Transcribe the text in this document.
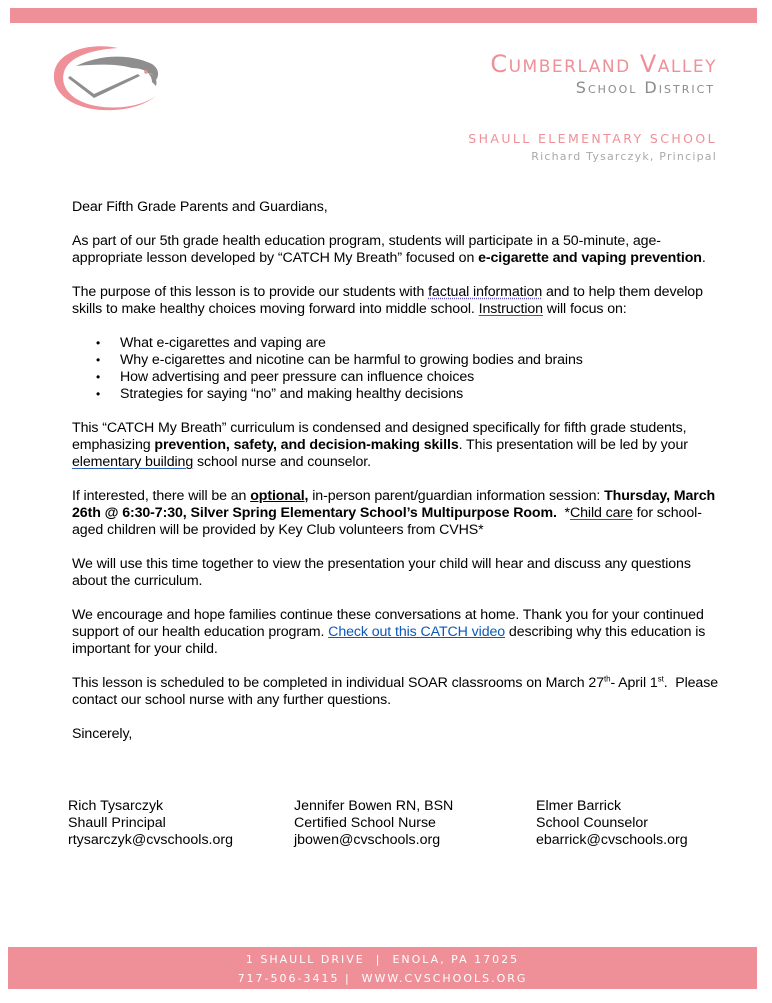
Cumberland Valley
School District
SHAULL ELEMENTARY SCHOOL
Richard Tysarczyk, Principal

Dear Fifth Grade Parents and Guardians,

As part of our 5th grade health education program, students will participate in a 50-minute, age-appropriate lesson developed by “CATCH My Breath” focused on e-cigarette and vaping prevention.

The purpose of this lesson is to provide our students with factual information and to help them develop skills to make healthy choices moving forward into middle school. Instruction will focus on:

• What e-cigarettes and vaping are
• Why e-cigarettes and nicotine can be harmful to growing bodies and brains
• How advertising and peer pressure can influence choices
• Strategies for saying “no” and making healthy decisions

This “CATCH My Breath” curriculum is condensed and designed specifically for fifth grade students, emphasizing prevention, safety, and decision-making skills. This presentation will be led by your elementary building school nurse and counselor.

If interested, there will be an optional, in-person parent/guardian information session: Thursday, March 26th @ 6:30-7:30, Silver Spring Elementary School’s Multipurpose Room.  *Child care for school-aged children will be provided by Key Club volunteers from CVHS*

We will use this time together to view the presentation your child will hear and discuss any questions about the curriculum.

We encourage and hope families continue these conversations at home. Thank you for your continued support of our health education program. Check out this CATCH video describing why this education is important for your child.

This lesson is scheduled to be completed in individual SOAR classrooms on March 27th- April 1st.  Please contact our school nurse with any further questions.

Sincerely,

Rich Tysarczyk
Shaull Principal
rtysarczyk@cvschools.org
Jennifer Bowen RN, BSN
Certified School Nurse
jbowen@cvschools.org
Elmer Barrick
School Counselor
ebarrick@cvschools.org
1 SHAULL DRIVE  |  ENOLA, PA 17025
717-506-3415 |  WWW.CVSCHOOLS.ORG
